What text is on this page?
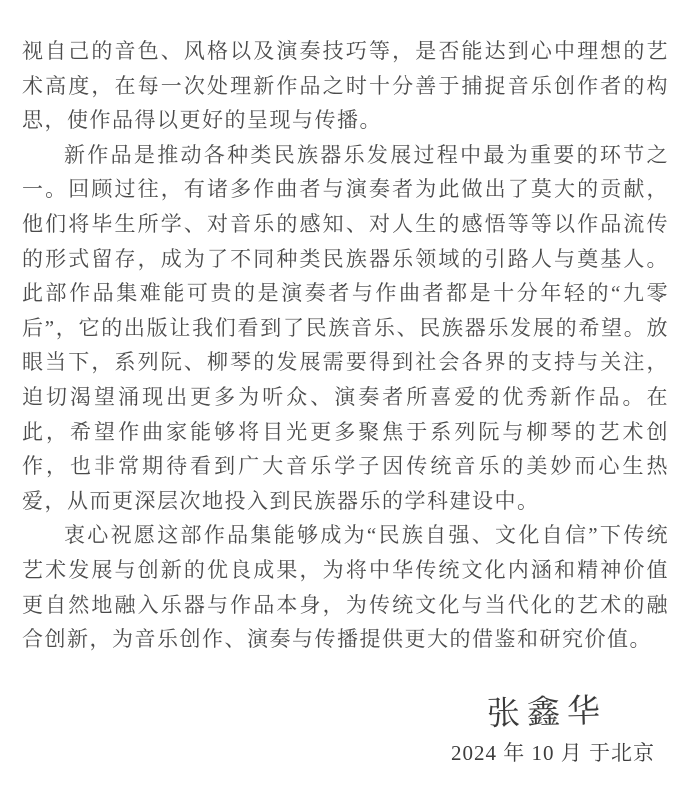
视自己的音色、风格以及演奏技巧等，是否能达到心中理想的艺术高度，在每一次处理新作品之时十分善于捕捉音乐创作者的构思，使作品得以更好的呈现与传播。

新作品是推动各种类民族器乐发展过程中最为重要的环节之一。回顾过往，有诸多作曲者与演奏者为此做出了莫大的贡献，他们将毕生所学、对音乐的感知、对人生的感悟等等以作品流传的形式留存，成为了不同种类民族器乐领域的引路人与奠基人。此部作品集难能可贵的是演奏者与作曲者都是十分年轻的“九零后”，它的出版让我们看到了民族音乐、民族器乐发展的希望。放眼当下，系列阮、柳琴的发展需要得到社会各界的支持与关注，迫切渴望涌现出更多为听众、演奏者所喜爱的优秀新作品。在此，希望作曲家能够将目光更多聚焦于系列阮与柳琴的艺术创作，也非常期待看到广大音乐学子因传统音乐的美妙而心生热爱，从而更深层次地投入到民族器乐的学科建设中。

衷心祝愿这部作品集能够成为“民族自强、文化自信”下传统艺术发展与创新的优良成果，为将中华传统文化内涵和精神价值更自然地融入乐器与作品本身，为传统文化与当代化的艺术的融合创新，为音乐创作、演奏与传播提供更大的借鉴和研究价值。

张鑫华
2024 年 10 月 于北京
